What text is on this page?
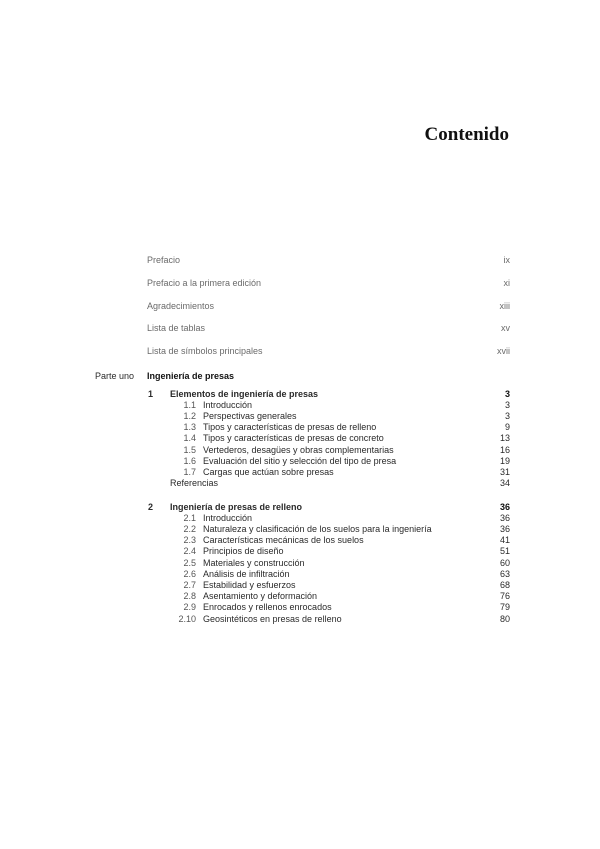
Contenido
Prefacio	ix
Prefacio a la primera edición	xi
Agradecimientos	xiii
Lista de tablas	xv
Lista de símbolos principales	xvii
Parte uno Ingeniería de presas
1 Elementos de ingeniería de presas	3
1.1 Introducción	3
1.2 Perspectivas generales	3
1.3 Tipos y características de presas de relleno	9
1.4 Tipos y características de presas de concreto	13
1.5 Vertederos, desagües y obras complementarias	16
1.6 Evaluación del sitio y selección del tipo de presa	19
1.7 Cargas que actúan sobre presas	31
Referencias	34
2 Ingeniería de presas de relleno	36
2.1 Introducción	36
2.2 Naturaleza y clasificación de los suelos para la ingeniería	36
2.3 Características mecánicas de los suelos	41
2.4 Principios de diseño	51
2.5 Materiales y construcción	60
2.6 Análisis de infiltración	63
2.7 Estabilidad y esfuerzos	68
2.8 Asentamiento y deformación	76
2.9 Enrocados y rellenos enrocados	79
2.10 Geosintéticos en presas de relleno	80
